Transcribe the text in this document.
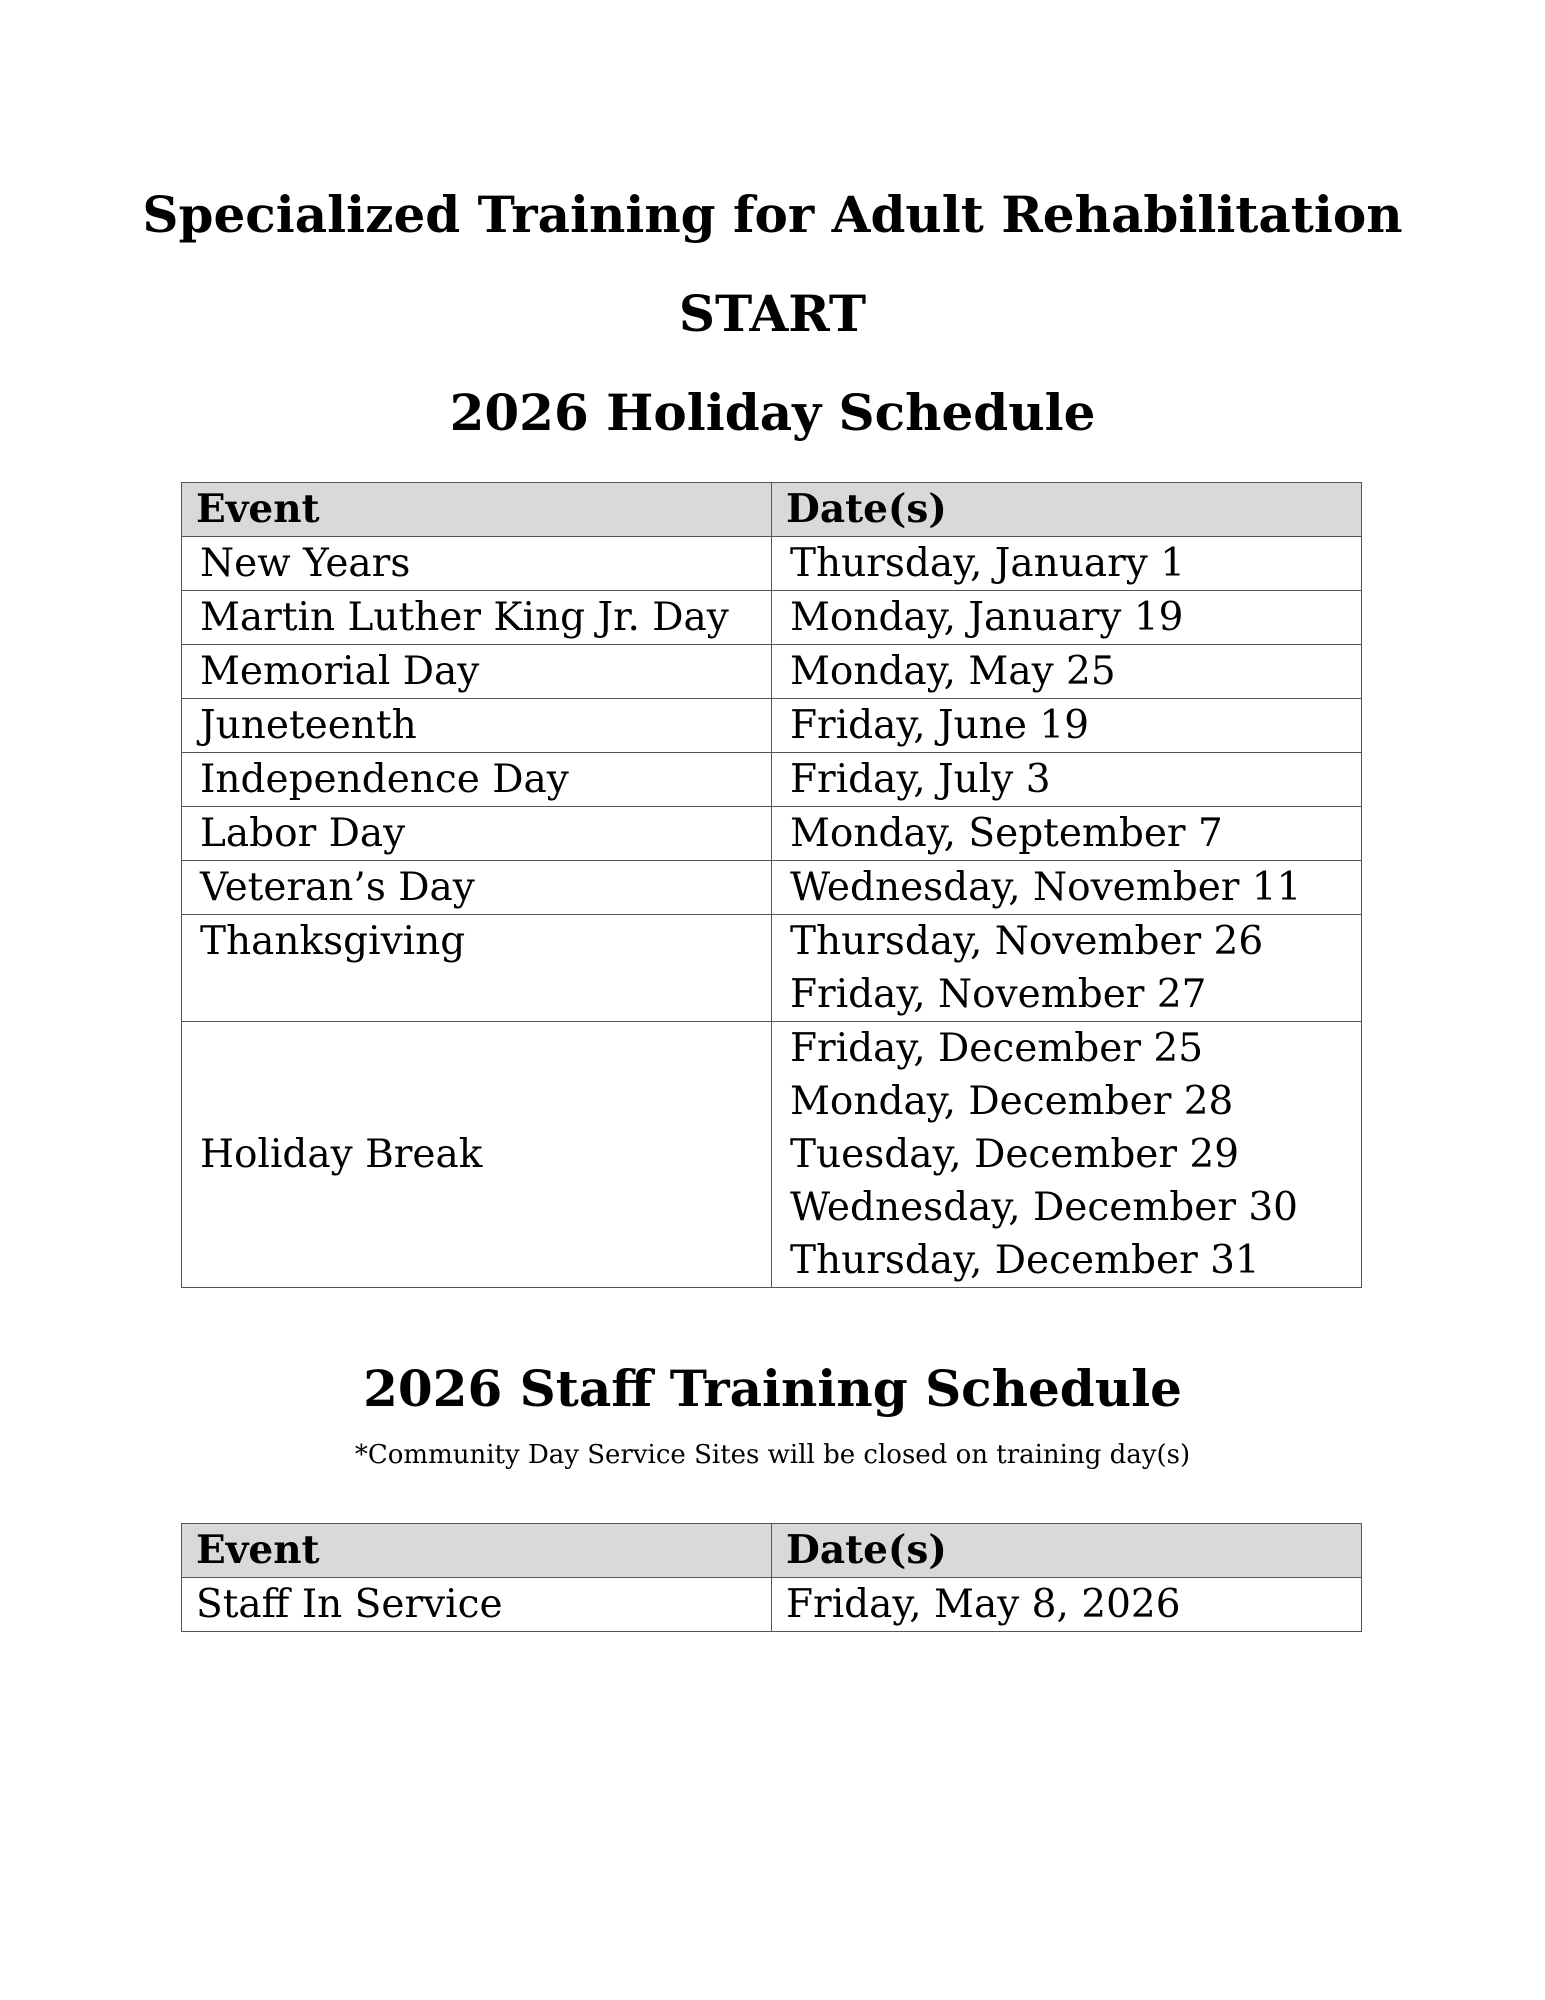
Specialized Training for Adult Rehabilitation
START
2026 Holiday Schedule
Event	Date(s)
New Years	Thursday, January 1
Martin Luther King Jr. Day	Monday, January 19
Memorial Day	Monday, May 25
Juneteenth	Friday, June 19
Independence Day	Friday, July 3
Labor Day	Monday, September 7
Veteran’s Day	Wednesday, November 11
Thanksgiving	Thursday, November 26
Friday, November 27

Holiday Break	Friday, December 25
Monday, December 28
Tuesday, December 29
Wednesday, December 30
Thursday, December 31
2026 Staff Training Schedule

*Community Day Service Sites will be closed on training day(s)

Event	Date(s)
Staff In Service	Friday, May 8, 2026
